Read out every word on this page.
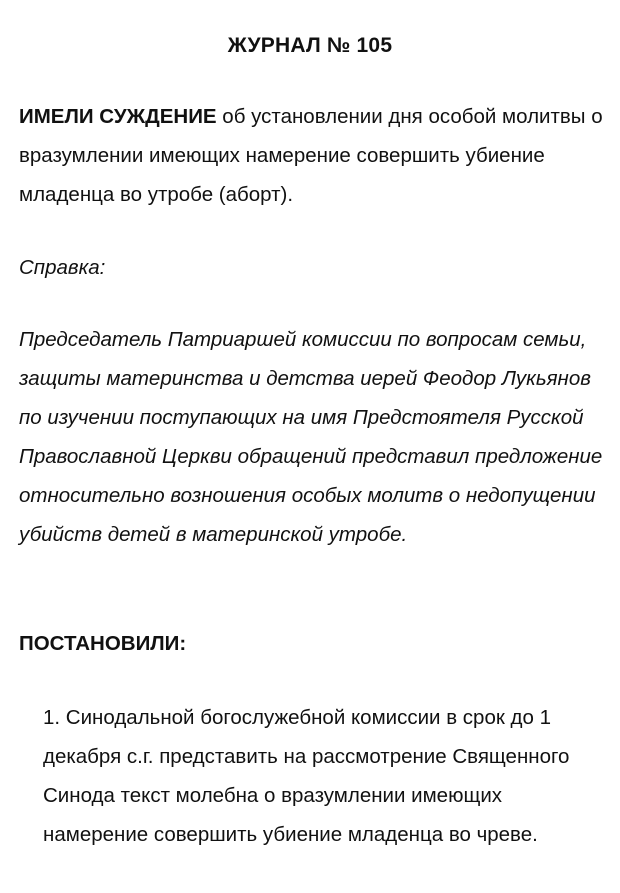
ЖУРНАЛ № 105
ИМЕЛИ СУЖДЕНИЕ об установлении дня особой молитвы о вразумлении имеющих намерение совершить убиение младенца во утробе (аборт).
Справка:
Председатель Патриаршей комиссии по вопросам семьи, защиты материнства и детства иерей Феодор Лукьянов по изучении поступающих на имя Предстоятеля Русской Православной Церкви обращений представил предложение относительно возношения особых молитв о недопущении убийств детей в материнской утробе.
ПОСТАНОВИЛИ:
1. Синодальной богослужебной комиссии в срок до 1 декабря с.г. представить на рассмотрение Священного Синода текст молебна о вразумлении имеющих намерение совершить убиение младенца во чреве.
